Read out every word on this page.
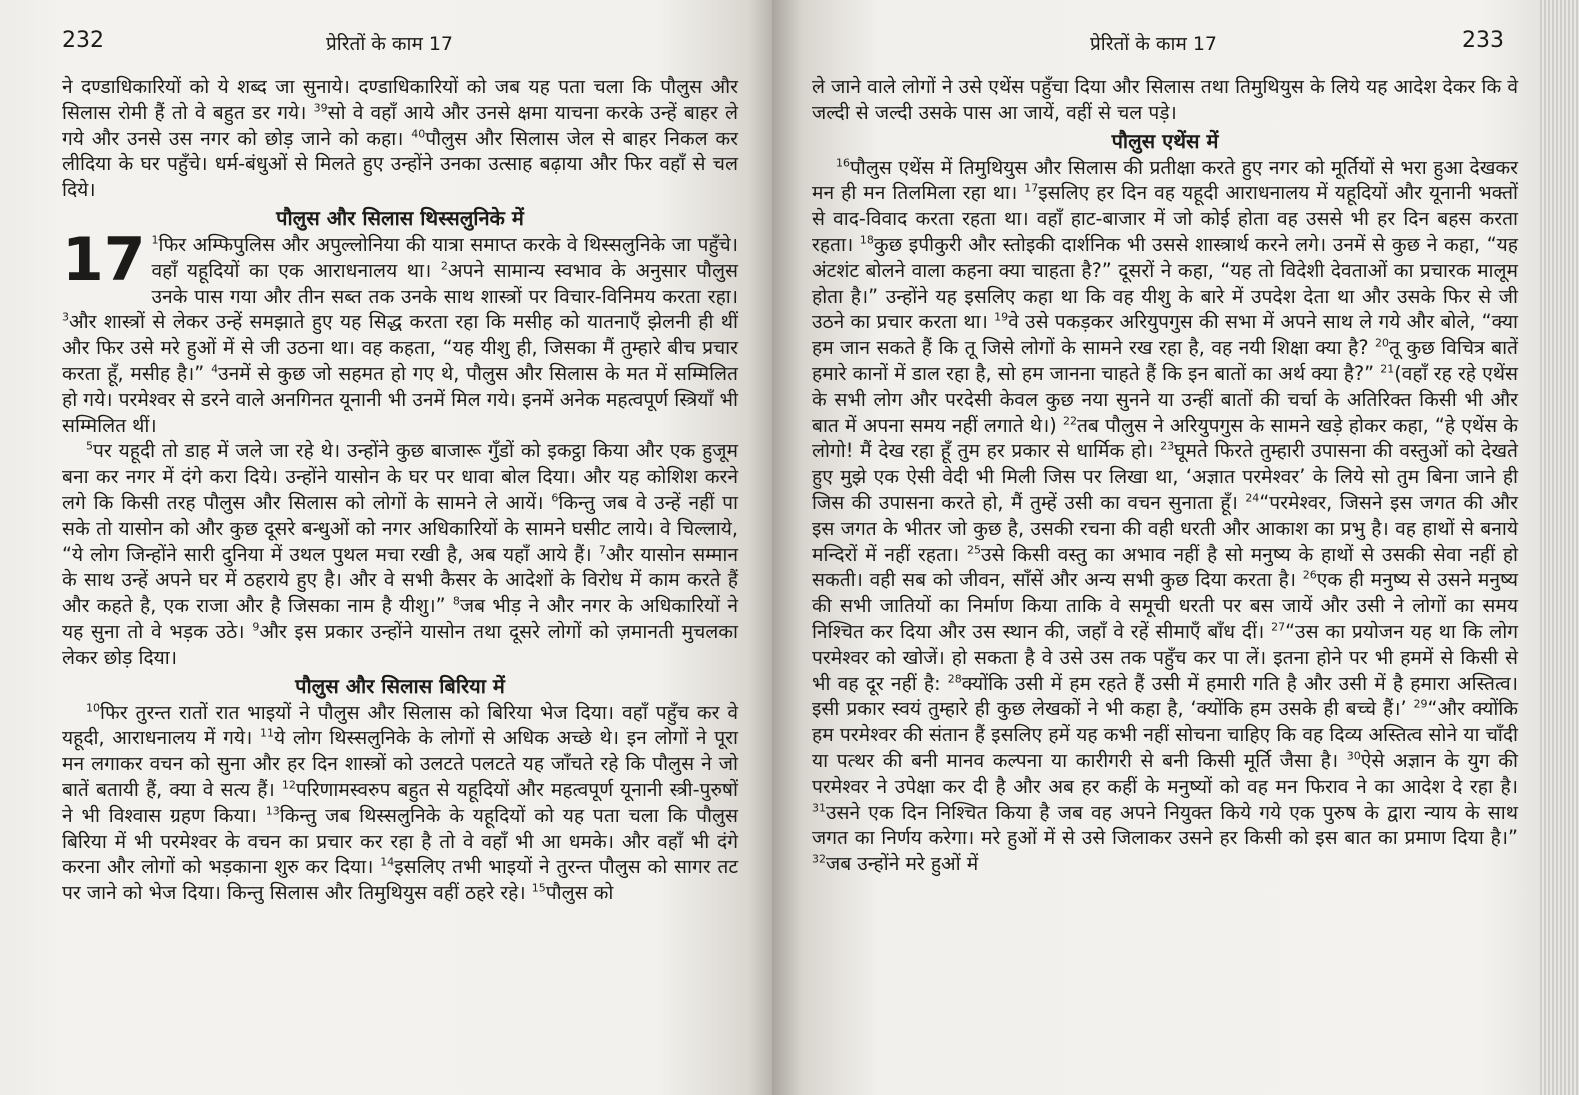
232	प्रेरितों के काम 17

ने दण्डाधिकारियों को ये शब्द जा सुनाये। दण्डाधिकारियों को जब यह पता चला कि पौलुस और सिलास रोमी हैं तो वे बहुत डर गये। $^{39}$सो वे वहाँ आये और उनसे क्षमा याचना करके उन्हें बाहर ले गये और उनसे उस नगर को छोड़ जाने को कहा। $^{40}$पौलुस और सिलास जेल से बाहर निकल कर लीदिया के घर पहुँचे। धर्म-बंधुओं से मिलते हुए उन्होंने उनका उत्साह बढ़ाया और फिर वहाँ से चल दिये।

पौलुस और सिलास थिस्सलुनिके में

17 $^1$फिर अम्फिपुलिस और अपुल्लोनिया की यात्रा समाप्त करके वे थिस्सलुनिके जा पहुँचे। वहाँ यहूदियों का एक आराधनालय था। $^2$अपने सामान्य स्वभाव के अनुसार पौलुस उनके पास गया और तीन सब्त तक उनके साथ शास्त्रों पर विचार-विनिमय करता रहा। $^3$और शास्त्रों से लेकर उन्हें समझाते हुए यह सिद्ध करता रहा कि मसीह को यातनाएँ झेलनी ही थीं और फिर उसे मरे हुओं में से जी उठना था। वह कहता, “यह यीशु ही, जिसका मैं तुम्हारे बीच प्रचार करता हूँ, मसीह है।” $^4$उनमें से कुछ जो सहमत हो गए थे, पौलुस और सिलास के मत में सम्मिलित हो गये। परमेश्वर से डरने वाले अनगिनत यूनानी भी उनमें मिल गये। इनमें अनेक महत्वपूर्ण स्त्रियाँ भी सम्मिलित थीं।

$^5$पर यहूदी तो डाह में जले जा रहे थे। उन्होंने कुछ बाजारू गुँडों को इकट्ठा किया और एक हुजूम बना कर नगर में दंगे करा दिये। उन्होंने यासोन के घर पर धावा बोल दिया। और यह कोशिश करने लगे कि किसी तरह पौलुस और सिलास को लोगों के सामने ले आयें। $^6$किन्तु जब वे उन्हें नहीं पा सके तो यासोन को और कुछ दूसरे बन्धुओं को नगर अधिकारियों के सामने घसीट लाये। वे चिल्लाये, “ये लोग जिन्होंने सारी दुनिया में उथल पुथल मचा रखी है, अब यहाँ आये हैं। $^7$और यासोन सम्मान के साथ उन्हें अपने घर में ठहराये हुए है। और वे सभी कैसर के आदेशों के विरोध में काम करते हैं और कहते है, एक राजा और है जिसका नाम है यीशु।” $^8$जब भीड़ ने और नगर के अधिकारियों ने यह सुना तो वे भड़क उठे। $^9$और इस प्रकार उन्होंने यासोन तथा दूसरे लोगों को ज़मानती मुचलका लेकर छोड़ दिया।

पौलुस और सिलास बिरिया में

$^{10}$फिर तुरन्त रातों रात भाइयों ने पौलुस और सिलास को बिरिया भेज दिया। वहाँ पहुँच कर वे यहूदी, आराधनालय में गये। $^{11}$ये लोग थिस्सलुनिके के लोगों से अधिक अच्छे थे। इन लोगों ने पूरा मन लगाकर वचन को सुना और हर दिन शास्त्रों को उलटते पलटते यह जाँचते रहे कि पौलुस ने जो बातें बतायी हैं, क्या वे सत्य हैं। $^{12}$परिणामस्वरुप बहुत से यहूदियों और महत्वपूर्ण यूनानी स्त्री-पुरुषों ने भी विश्वास ग्रहण किया। $^{13}$किन्तु जब थिस्सलुनिके के यहूदियों को यह पता चला कि पौलुस बिरिया में भी परमेश्वर के वचन का प्रचार कर रहा है तो वे वहाँ भी आ धमके। और वहाँ भी दंगे करना और लोगों को भड़काना शुरु कर दिया। $^{14}$इसलिए तभी भाइयों ने तुरन्त पौलुस को सागर तट पर जाने को भेज दिया। किन्तु सिलास और तिमुथियुस वहीं ठहरे रहे। $^{15}$पौलुस को

प्रेरितों के काम 17	233

ले जाने वाले लोगों ने उसे एथेंस पहुँचा दिया और सिलास तथा तिमुथियुस के लिये यह आदेश देकर कि वे जल्दी से जल्दी उसके पास आ जायें, वहीं से चल पड़े।

पौलुस एथेंस में

$^{16}$पौलुस एथेंस में तिमुथियुस और सिलास की प्रतीक्षा करते हुए नगर को मूर्तियों से भरा हुआ देखकर मन ही मन तिलमिला रहा था। $^{17}$इसलिए हर दिन वह यहूदी आराधनालय में यहूदियों और यूनानी भक्तों से वाद-विवाद करता रहता था। वहाँ हाट-बाजार में जो कोई होता वह उससे भी हर दिन बहस करता रहता। $^{18}$कुछ इपीकुरी और स्तोइकी दार्शनिक भी उससे शास्त्रार्थ करने लगे। उनमें से कुछ ने कहा, “यह अंटशंट बोलने वाला कहना क्या चाहता है?” दूसरों ने कहा, “यह तो विदेशी देवताओं का प्रचारक मालूम होता है।” उन्होंने यह इसलिए कहा था कि वह यीशु के बारे में उपदेश देता था और उसके फिर से जी उठने का प्रचार करता था। $^{19}$वे उसे पकड़कर अरियुपगुस की सभा में अपने साथ ले गये और बोले, “क्या हम जान सकते हैं कि तू जिसे लोगों के सामने रख रहा है, वह नयी शिक्षा क्या है? $^{20}$तू कुछ विचित्र बातें हमारे कानों में डाल रहा है, सो हम जानना चाहते हैं कि इन बातों का अर्थ क्या है?” $^{21}$(वहाँ रह रहे एथेंस के सभी लोग और परदेसी केवल कुछ नया सुनने या उन्हीं बातों की चर्चा के अतिरिक्त किसी भी और बात में अपना समय नहीं लगाते थे।) $^{22}$तब पौलुस ने अरियुपगुस के सामने खड़े होकर कहा, “हे एथेंस के लोगो! मैं देख रहा हूँ तुम हर प्रकार से धार्मिक हो। $^{23}$घूमते फिरते तुम्हारी उपासना की वस्तुओं को देखते हुए मुझे एक ऐसी वेदी भी मिली जिस पर लिखा था, ‘अज्ञात परमेश्वर’ के लिये सो तुम बिना जाने ही जिस की उपासना करते हो, मैं तुम्हें उसी का वचन सुनाता हूँ। $^{24}$“परमेश्वर, जिसने इस जगत की और इस जगत के भीतर जो कुछ है, उसकी रचना की वही धरती और आकाश का प्रभु है। वह हाथों से बनाये मन्दिरों में नहीं रहता। $^{25}$उसे किसी वस्तु का अभाव नहीं है सो मनुष्य के हाथों से उसकी सेवा नहीं हो सकती। वही सब को जीवन, साँसें और अन्य सभी कुछ दिया करता है। $^{26}$एक ही मनुष्य से उसने मनुष्य की सभी जातियों का निर्माण किया ताकि वे समूची धरती पर बस जायें और उसी ने लोगों का समय निश्चित कर दिया और उस स्थान की, जहाँ वे रहें सीमाएँ बाँध दीं। $^{27}$“उस का प्रयोजन यह था कि लोग परमेश्वर को खोजें। हो सकता है वे उसे उस तक पहुँच कर पा लें। इतना होने पर भी हममें से किसी से भी वह दूर नहीं है: $^{28}$क्योंकि उसी में हम रहते हैं उसी में हमारी गति है और उसी में है हमारा अस्तित्व। इसी प्रकार स्वयं तुम्हारे ही कुछ लेखकों ने भी कहा है, ‘क्योंकि हम उसके ही बच्चे हैं।’ $^{29}$“और क्योंकि हम परमेश्वर की संतान हैं इसलिए हमें यह कभी नहीं सोचना चाहिए कि वह दिव्य अस्तित्व सोने या चाँदी या पत्थर की बनी मानव कल्पना या कारीगरी से बनी किसी मूर्ति जैसा है। $^{30}$ऐसे अज्ञान के युग की परमेश्वर ने उपेक्षा कर दी है और अब हर कहीं के मनुष्यों को वह मन फिराव ने का आदेश दे रहा है। $^{31}$उसने एक दिन निश्चित किया है जब वह अपने नियुक्त किये गये एक पुरुष के द्वारा न्याय के साथ जगत का निर्णय करेगा। मरे हुओं में से उसे जिलाकर उसने हर किसी को इस बात का प्रमाण दिया है।” $^{32}$जब उन्होंने मरे हुओं में
